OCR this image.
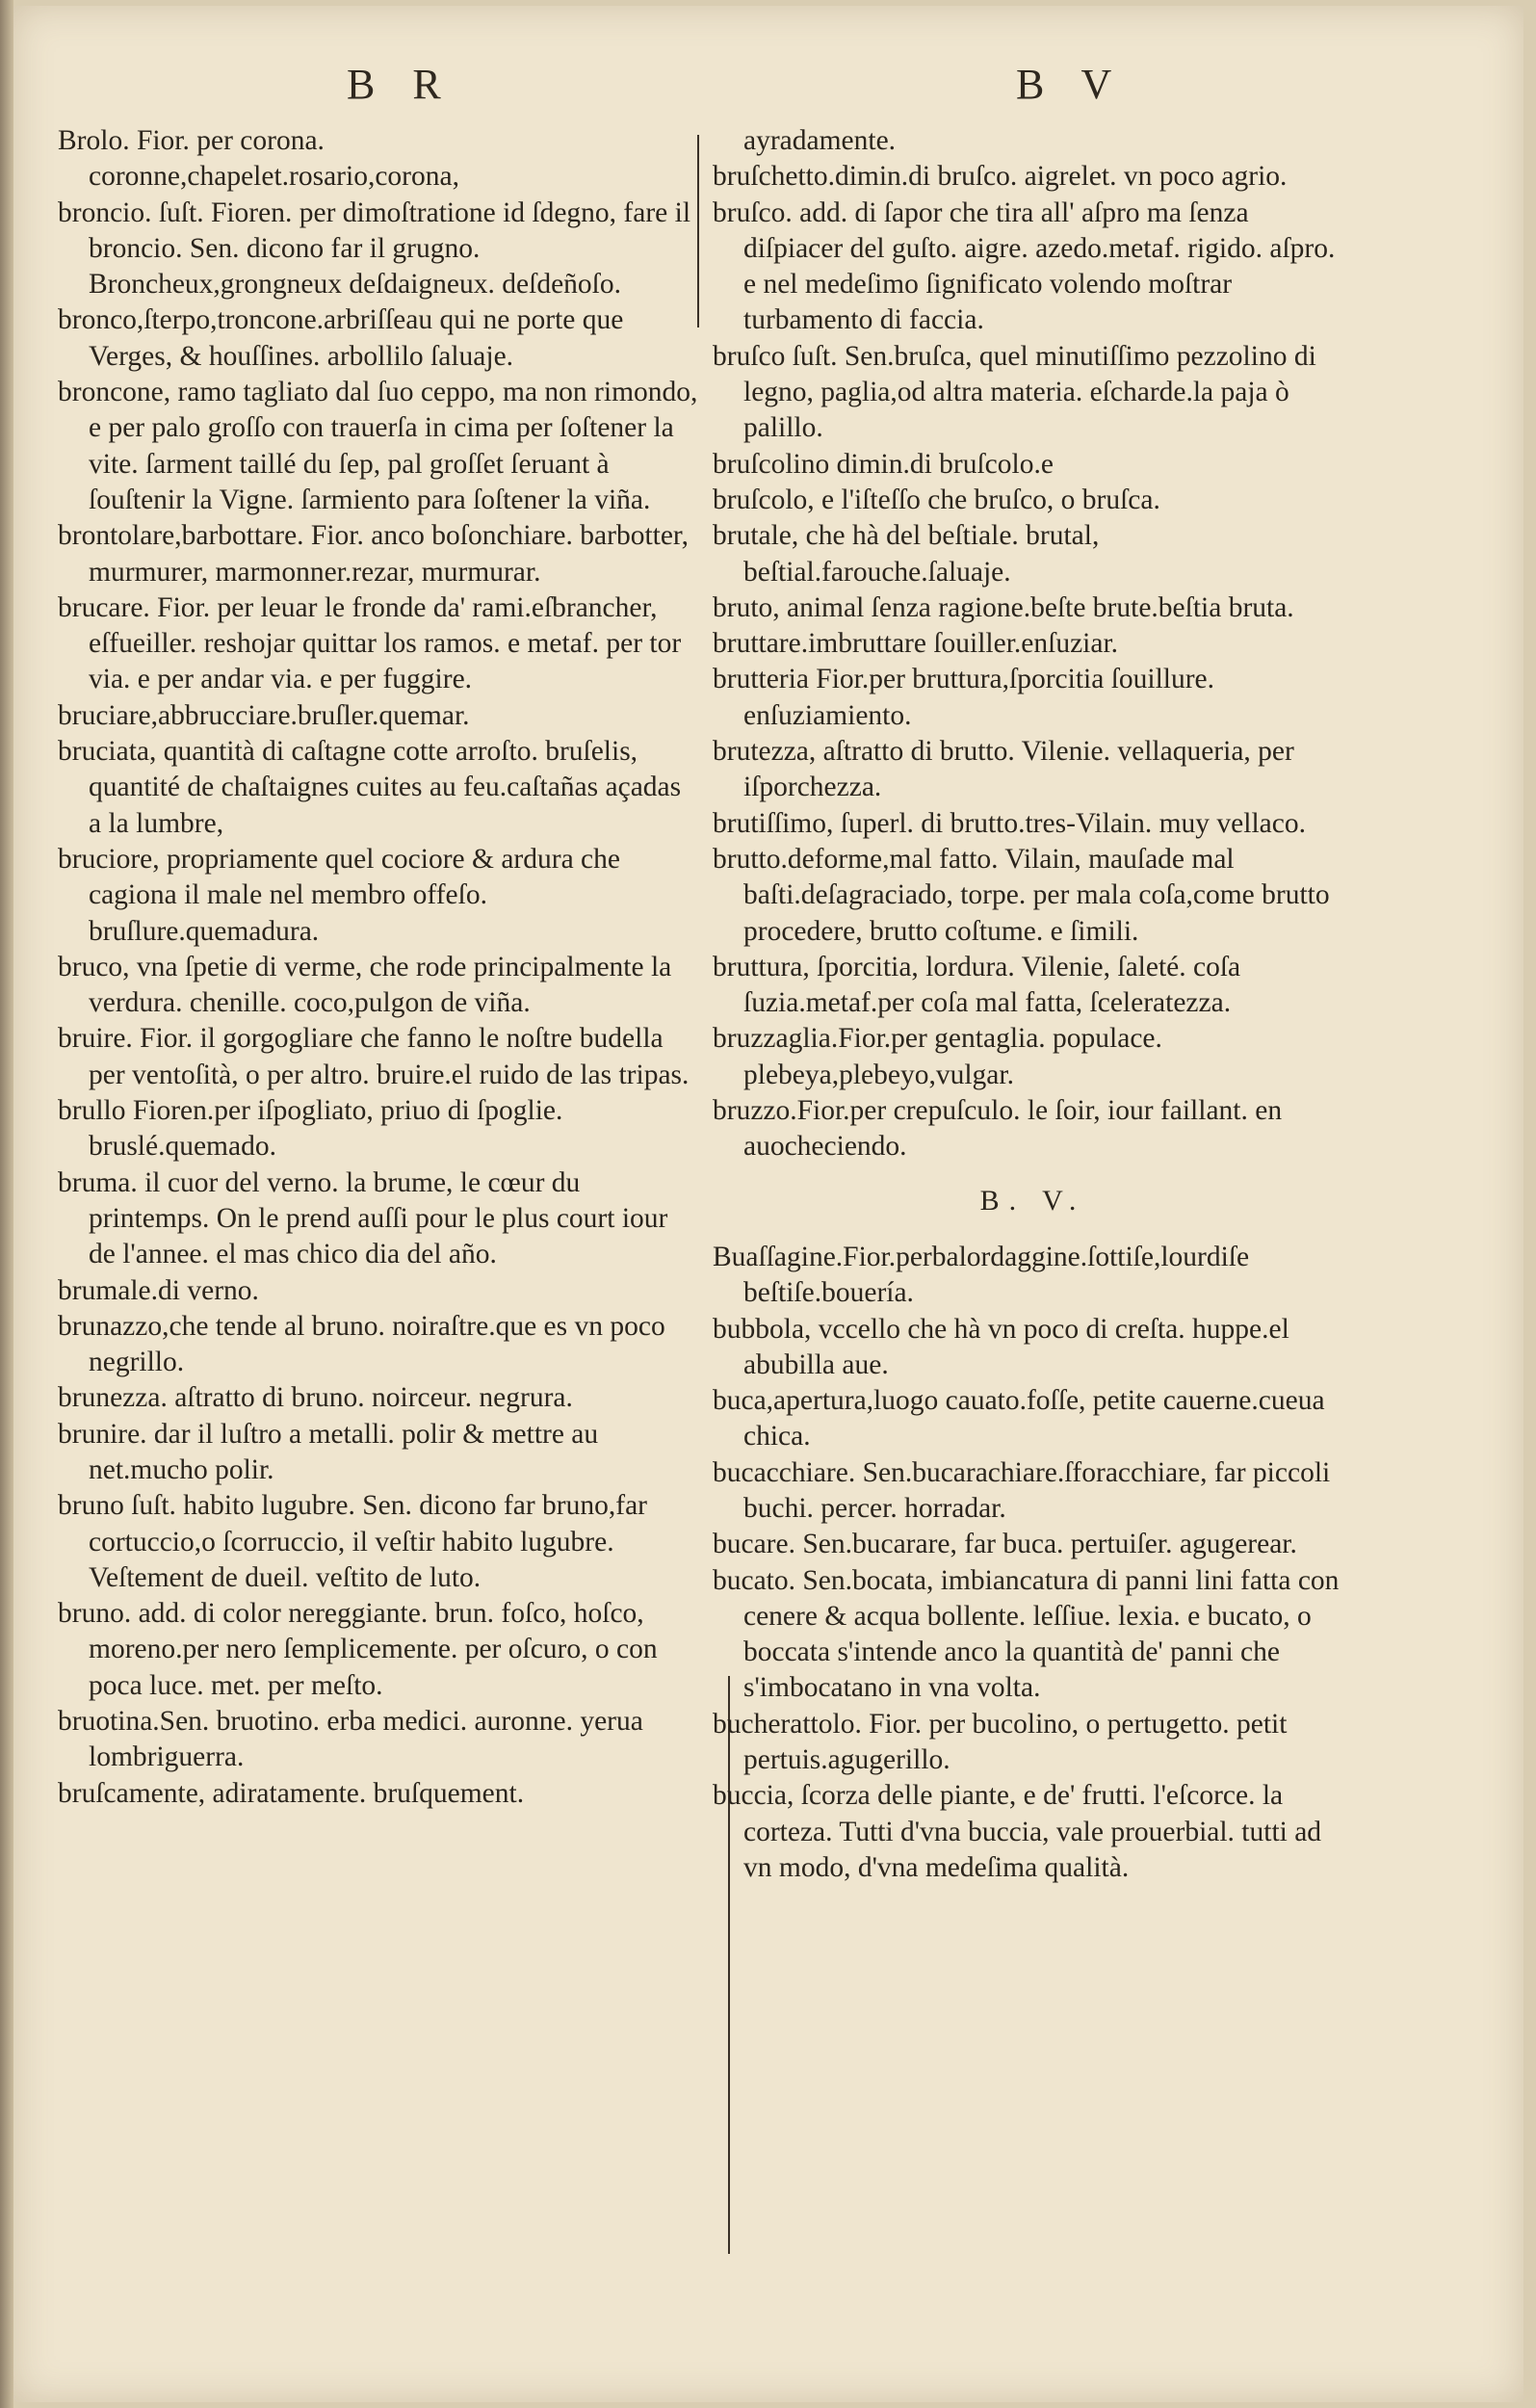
B R	B V

Brolo. Fior. per corona. coronne,chapelet.rosario,corona,

broncio. ſuſt. Fioren. per dimoſtratione id ſdegno, fare il broncio. Sen. dicono far il grugno. Broncheux,grongneux deſdaigneux. deſdeñoſo.

bronco,ſterpo,troncone.arbriſſeau qui ne porte que Verges, & houſſines. arbollilo ſaluaje.

broncone, ramo tagliato dal ſuo ceppo, ma non rimondo, e per palo groſſo con trauerſa in cima per ſoſtener la vite. ſarment taillé du ſep, pal groſſet ſeruant à ſouſtenir la Vigne. ſarmiento para ſoſtener la viña.

brontolare,barbottare. Fior. anco boſonchiare. barbotter, murmurer, marmonner.rezar, murmurar.

brucare. Fior. per leuar le fronde da' rami.eſbrancher, eſfueiller. reshojar quittar los ramos. e metaf. per tor via. e per andar via. e per fuggire.

bruciare,abbrucciare.bruſler.quemar.

bruciata, quantità di caſtagne cotte arroſto. bruſelis, quantité de chaſtaignes cuites au feu.caſtañas açadas a la lumbre,

bruciore, propriamente quel cociore & ardura che cagiona il male nel membro offeſo. bruſlure.quemadura.

bruco, vna ſpetie di verme, che rode principalmente la verdura. chenille. coco,pulgon de viña.

bruire. Fior. il gorgogliare che fanno le noſtre budella per ventoſità, o per altro. bruire.el ruido de las tripas.

brullo Fioren.per iſpogliato, priuo di ſpoglie. bruslé.quemado.

bruma. il cuor del verno. la brume, le cœur du printemps. On le prend auſſi pour le plus court iour de l'annee. el mas chico dia del año.

brumale.di verno.

brunazzo,che tende al bruno. noiraſtre.que es vn poco negrillo.

brunezza. aſtratto di bruno. noirceur. negrura.

brunire. dar il luſtro a metalli. polir & mettre au net.mucho polir.

bruno ſuſt. habito lugubre. Sen. dicono far bruno,far cortuccio,o ſcorruccio, il veſtir habito lugubre. Veſtement de dueil. veſtito de luto.

bruno. add. di color nereggiante. brun. foſco, hoſco, moreno.per nero ſemplicemente. per oſcuro, o con poca luce. met. per meſto.

bruotina.Sen. bruotino. erba medici. auronne. yerua lombriguerra.

bruſcamente, adiratamente. bruſquement.

ayradamente.

bruſchetto.dimin.di bruſco. aigrelet. vn poco agrio.

bruſco. add. di ſapor che tira all' aſpro ma ſenza diſpiacer del guſto. aigre. azedo.metaf. rigido. aſpro. e nel medeſimo ſignificato volendo moſtrar turbamento di faccia.

bruſco ſuſt. Sen.bruſca, quel minutiſſimo pezzolino di legno, paglia,od altra materia. eſcharde.la paja ò palillo.

bruſcolino dimin.di bruſcolo.e

bruſcolo, e l'iſteſſo che bruſco, o bruſca.

brutale, che hà del beſtiale. brutal, beſtial.farouche.ſaluaje.

bruto, animal ſenza ragione.beſte brute.beſtia bruta.

bruttare.imbruttare ſouiller.enſuziar.

brutteria Fior.per bruttura,ſporcitia ſouillure. enſuziamiento.

brutezza, aſtratto di brutto. Vilenie. vellaqueria, per iſporchezza.

brutiſſimo, ſuperl. di brutto.tres-Vilain. muy vellaco.

brutto.deforme,mal fatto. Vilain, mauſade mal baſti.deſagraciado, torpe. per mala coſa,come brutto procedere, brutto coſtume. e ſimili.

bruttura, ſporcitia, lordura. Vilenie, ſaleté. coſa ſuzia.metaf.per coſa mal fatta, ſceleratezza.

bruzzaglia.Fior.per gentaglia. populace. plebeya,plebeyo,vulgar.

bruzzo.Fior.per crepuſculo. le ſoir, iour faillant. en auocheciendo.

B. V.

Buaſſagine.Fior.perbalordaggine.ſottiſe,lourdiſe beſtiſe.bouería.

bubbola, vccello che hà vn poco di creſta. huppe.el abubilla aue.

buca,apertura,luogo cauato.foſſe, petite cauerne.cueua chica.

bucacchiare. Sen.bucarachiare.ſforacchiare, far piccoli buchi. percer. horradar.

bucare. Sen.bucarare, far buca. pertuiſer. agugerear.

bucato. Sen.bocata, imbiancatura di panni lini fatta con cenere & acqua bollente. leſſiue. lexia. e bucato, o boccata s'intende anco la quantità de' panni che s'imbocatano in vna volta.

bucherattolo. Fior. per bucolino, o pertugetto. petit pertuis.agugerillo.

buccia, ſcorza delle piante, e de' frutti. l'eſcorce. la corteza. Tutti d'vna buccia, vale prouerbial. tutti ad vn modo, d'vna medeſima qualità.
